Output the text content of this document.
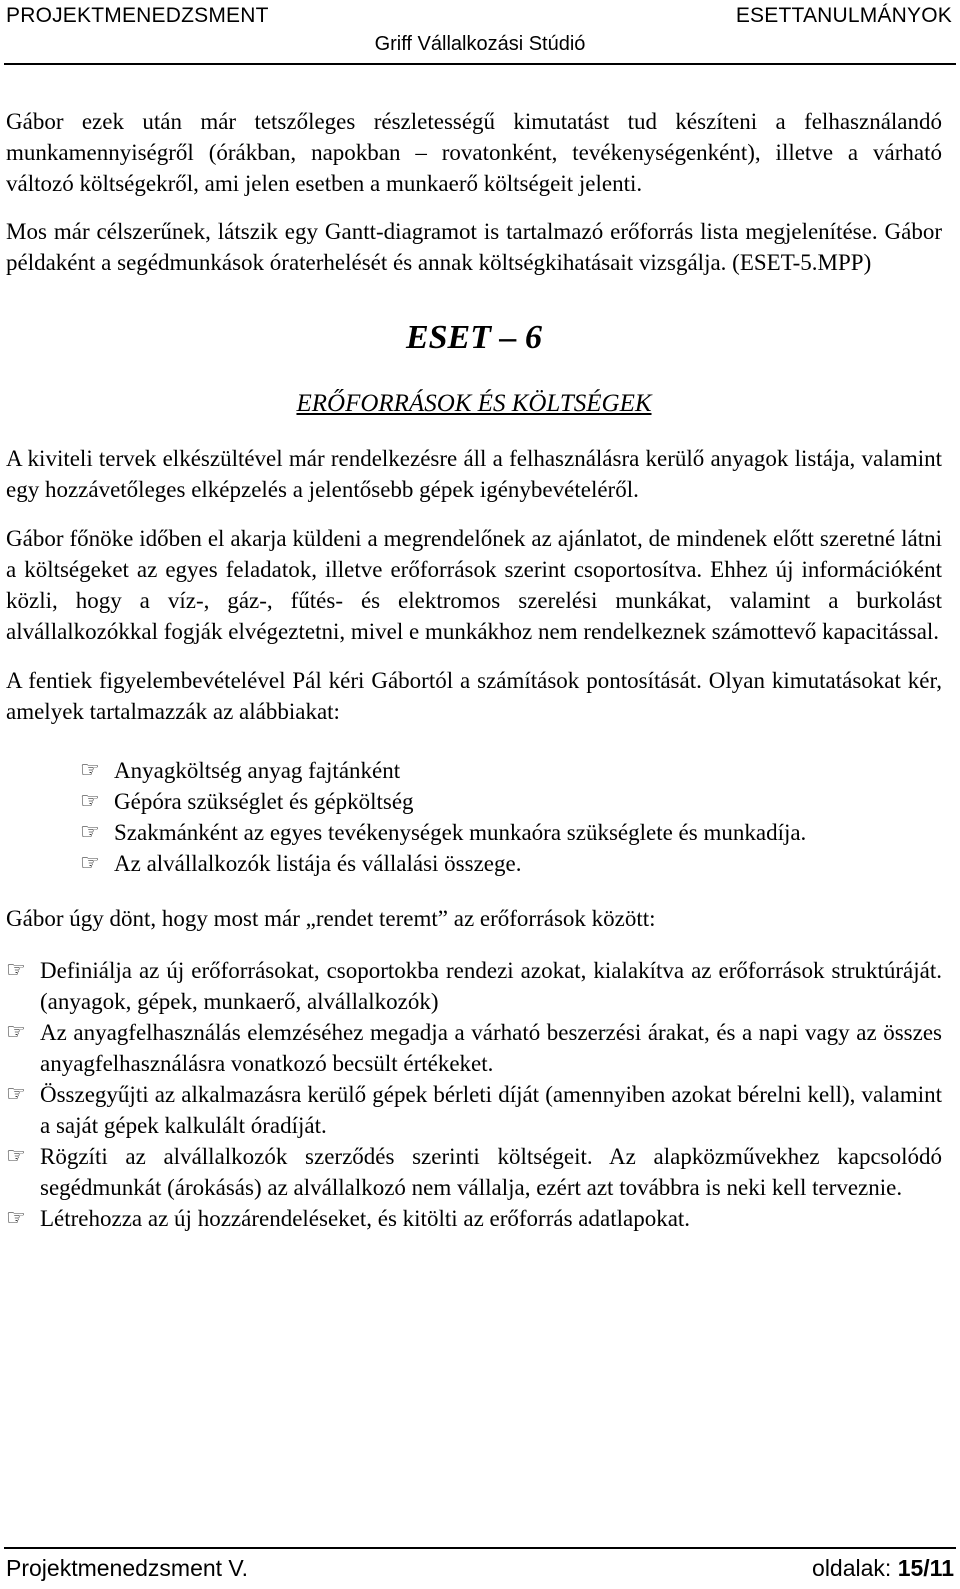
PROJEKTMENEDZSMENT	ESETTANULMÁNYOK
Griff Vállalkozási Stúdió

Gábor ezek után már tetszőleges részletességű kimutatást tud készíteni a felhasználandó munkamennyiségről (órákban, napokban – rovatonként, tevékenységenként), illetve a várható változó költségekről, ami jelen esetben a munkaerő költségeit jelenti.

Mos már célszerűnek, látszik egy Gantt-diagramot is tartalmazó erőforrás lista megjelenítése. Gábor példaként a segédmunkások óraterhelését és annak költségkihatásait vizsgálja. (ESET-5.MPP)

ESET – 6
ERŐFORRÁSOK ÉS KÖLTSÉGEK

A kiviteli tervek elkészültével már rendelkezésre áll a felhasználásra kerülő anyagok listája, valamint egy hozzávetőleges elképzelés a jelentősebb gépek igénybevételéről.

Gábor főnöke időben el akarja küldeni a megrendelőnek az ajánlatot, de mindenek előtt szeretné látni a költségeket az egyes feladatok, illetve erőforrások szerint csoportosítva. Ehhez új információként közli, hogy a víz-, gáz-, fűtés- és elektromos szerelési munkákat, valamint a burkolást alvállalkozókkal fogják elvégeztetni, mivel e munkákhoz nem rendelkeznek számottevő kapacitással.

A fentiek figyelembevételével Pál kéri Gábortól a számítások pontosítását. Olyan kimutatásokat kér, amelyek tartalmazzák az alábbiakat:

☞ Anyagköltség anyag fajtánként
☞ Gépóra szükséglet és gépköltség
☞ Szakmánként az egyes tevékenységek munkaóra szükséglete és munkadíja.
☞ Az alvállalkozók listája és vállalási összege.

Gábor úgy dönt, hogy most már „rendet teremt” az erőforrások között:

☞ Definiálja az új erőforrásokat, csoportokba rendezi azokat, kialakítva az erőforrások struktúráját. (anyagok, gépek, munkaerő, alvállalkozók)
☞ Az anyagfelhasználás elemzéséhez megadja a várható beszerzési árakat, és a napi vagy az összes anyagfelhasználásra vonatkozó becsült értékeket.
☞ Összegyűjti az alkalmazásra kerülő gépek bérleti díját (amennyiben azokat bérelni kell), valamint a saját gépek kalkulált óradíját.
☞ Rögzíti az alvállalkozók szerződés szerinti költségeit. Az alapközművekhez kapcsolódó segédmunkát (árokásás) az alvállalkozó nem vállalja, ezért azt továbbra is neki kell terveznie.
☞ Létrehozza az új hozzárendeléseket, és kitölti az erőforrás adatlapokat.
Projektmenedzsment V.	oldalak: 15/11
